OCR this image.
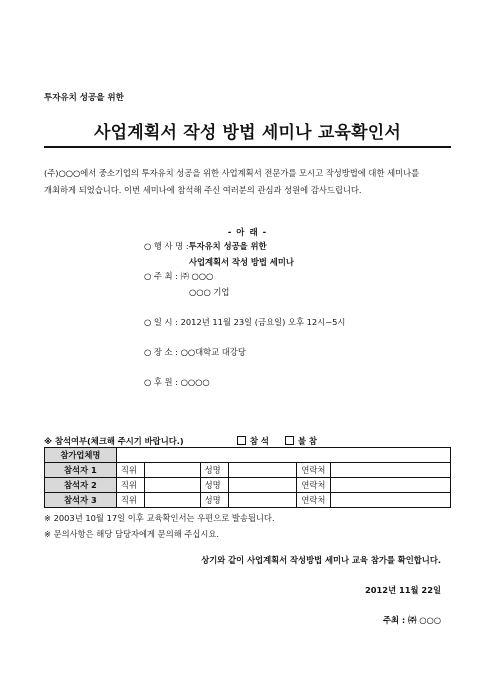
투자유치 성공을 위한
사업계획서 작성 방법 세미나 교육확인서
(주)○○○에서 중소기업의 투자유치 성공을 위한 사업계획서 전문가를 모시고 작성방법에 대한 세미나를
개최하게 되었습니다. 이번 세미나에 참석해 주신 여러분의 관심과 성원에 감사드립니다.
- 아 래 -
○ 행 사 명 :투자유치 성공을 위한
사업계획서 작성 방법 세미나
○ 주 최 : ㈜ ○○○
○○○ 기업
○ 일 시 : 2012년 11월 23일 (금요일) 오후 12시~5시
○ 장 소 : ○○대학교 대강당
○ 후 원 : ○○○○
※ 참석여부(체크해 주시기 바랍니다.)	참 석	불 참
참가업체명						
참석자 1	직위		성명		연락처	
참석자 2	직위		성명		연락처	
참석자 3	직위		성명		연락처	
※ 2003년 10월 17일 이후 교육확인서는 우편으로 발송됩니다.
※ 문의사항은 해당 담당자에게 문의해 주십시요.
상기와 같이 사업계획서 작성방법 세미나 교육 참가를 확인합니다.
2012년 11월 22일
주최 : ㈜ ○○○
